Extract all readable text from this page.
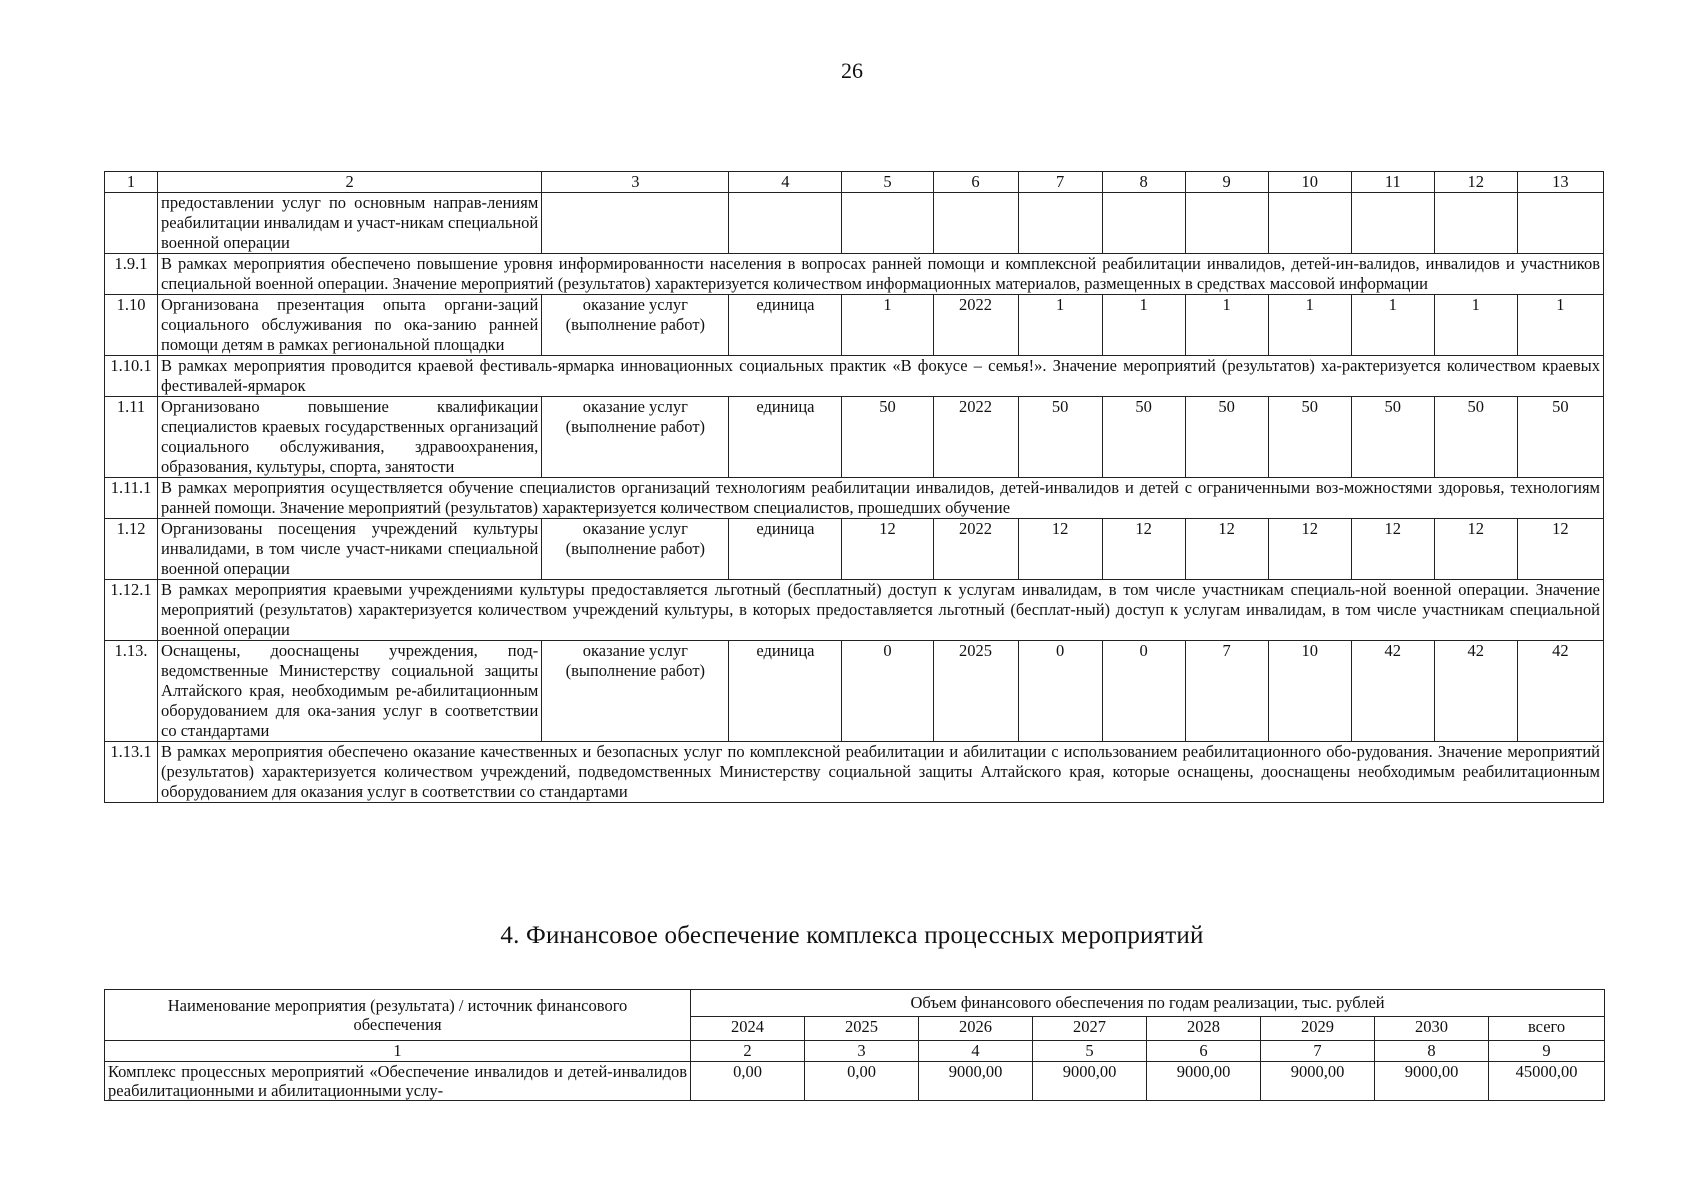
26
1	2	3	4	5	6	7	8	9	10	11	12	13
	предоставлении услуг по основным направ-лениям реабилитации инвалидам и участ-никам специальной военной операции											
1.9.1	В рамках мероприятия обеспечено повышение уровня информированности населения в вопросах ранней помощи и комплексной реабилитации инвалидов, детей-ин-валидов, инвалидов и участников специальной военной операции. Значение мероприятий (результатов) характеризуется количеством информационных материалов, размещенных в средствах массовой информации											
1.10	Организована презентация опыта органи-заций социального обслуживания по ока-занию ранней помощи детям в рамках региональной площадки	оказание услуг (выполнение работ)	единица	1	2022	1	1	1	1	1	1	1
1.10.1	В рамках мероприятия проводится краевой фестиваль-ярмарка инновационных социальных практик «В фокусе – семья!». Значение мероприятий (результатов) ха-рактеризуется количеством краевых фестивалей-ярмарок											
1.11	Организовано повышение квалификации специалистов краевых государственных организаций социального обслуживания, здравоохранения, образования, культуры, спорта, занятости	оказание услуг (выполнение работ)	единица	50	2022	50	50	50	50	50	50	50
1.11.1	В рамках мероприятия осуществляется обучение специалистов организаций технологиям реабилитации инвалидов, детей-инвалидов и детей с ограниченными воз-можностями здоровья, технологиям ранней помощи. Значение мероприятий (результатов) характеризуется количеством специалистов, прошедших обучение											
1.12	Организованы посещения учреждений культуры инвалидами, в том числе участ-никами специальной военной операции	оказание услуг (выполнение работ)	единица	12	2022	12	12	12	12	12	12	12
1.12.1	В рамках мероприятия краевыми учреждениями культуры предоставляется льготный (бесплатный) доступ к услугам инвалидам, в том числе участникам специаль-ной военной операции. Значение мероприятий (результатов) характеризуется количеством учреждений культуры, в которых предоставляется льготный (бесплат-ный) доступ к услугам инвалидам, в том числе участникам специальной военной операции											
1.13.	Оснащены, дооснащены учреждения, под-ведомственные Министерству социальной защиты Алтайского края, необходимым ре-абилитационным оборудованием для ока-зания услуг в соответствии со стандартами	оказание услуг (выполнение работ)	единица	0	2025	0	0	7	10	42	42	42
1.13.1	В рамках мероприятия обеспечено оказание качественных и безопасных услуг по комплексной реабилитации и абилитации с использованием реабилитационного обо-рудования. Значение мероприятий (результатов) характеризуется количеством учреждений, подведомственных Министерству социальной защиты Алтайского края, которые оснащены, дооснащены необходимым реабилитационным оборудованием для оказания услуг в соответствии со стандартами											
4. Финансовое обеспечение комплекса процессных мероприятий
Наименование мероприятия (результата) / источник финансового обеспечения	Объем финансового обеспечения по годам реализации, тыс. рублей							
	2024	2025	2026	2027	2028	2029	2030	всего
1	2	3	4	5	6	7	8	9
Комплекс процессных мероприятий «Обеспечение инвалидов и детей-инвалидов реабилитационными и абилитационными услу-	0,00	0,00	9000,00	9000,00	9000,00	9000,00	9000,00	45000,00
